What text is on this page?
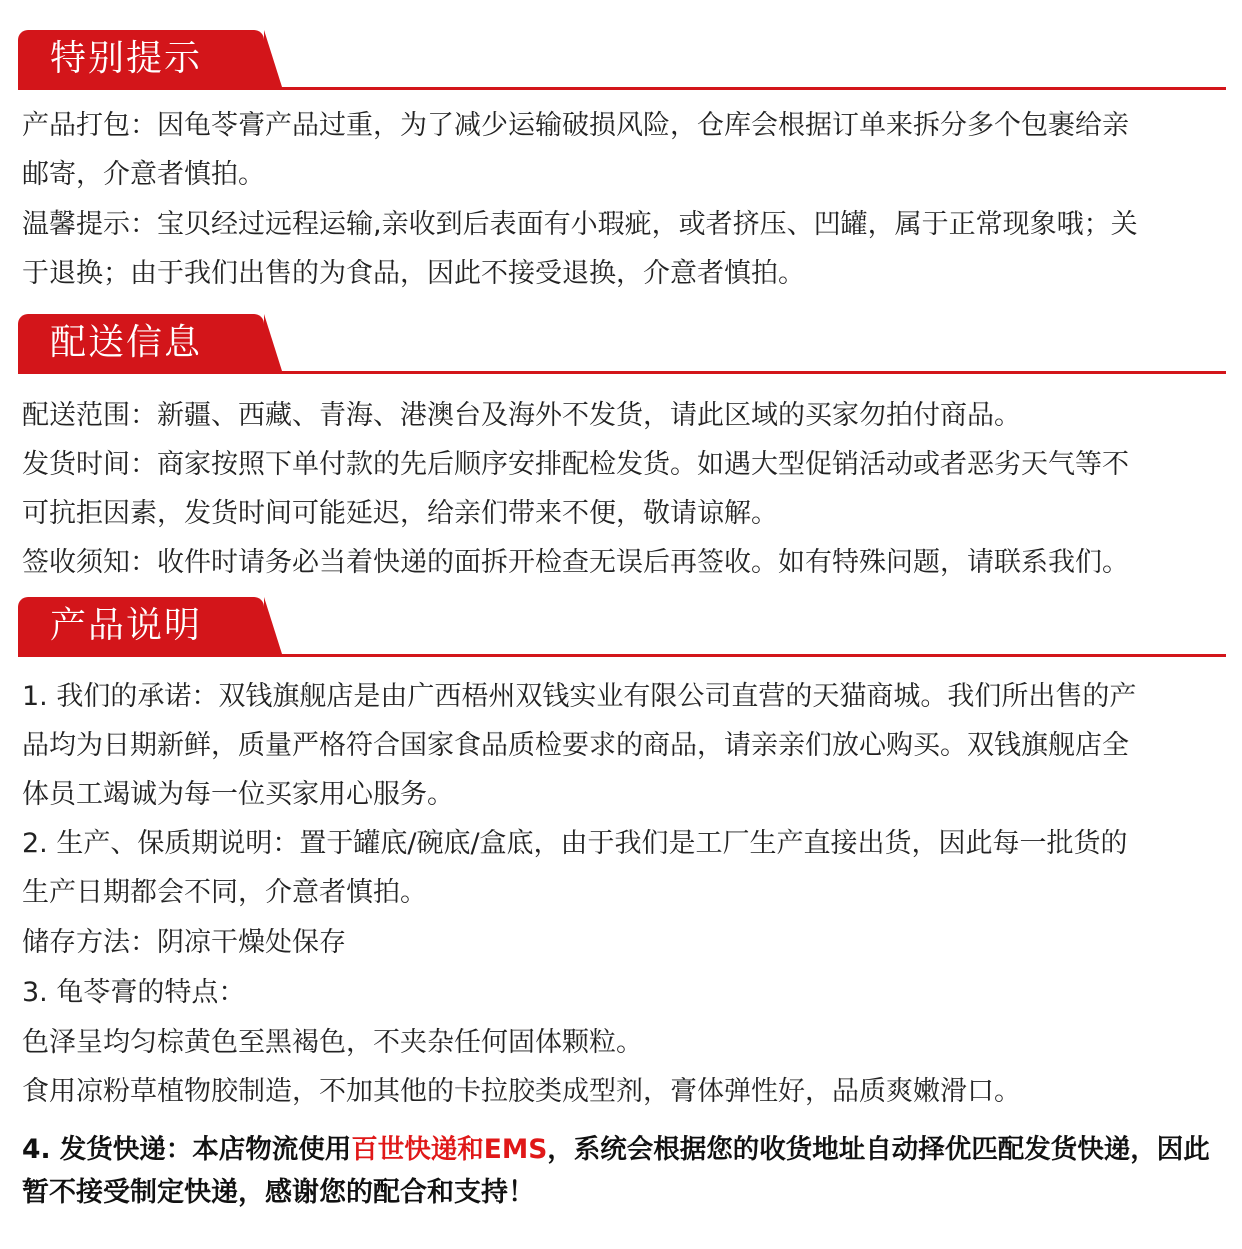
特别提示
产品打包：因龟苓膏产品过重，为了减少运输破损风险，仓库会根据订单来拆分多个包裹给亲
邮寄，介意者慎拍。
温馨提示：宝贝经过远程运输,亲收到后表面有小瑕疵，或者挤压、凹罐，属于正常现象哦；关
于退换；由于我们出售的为食品，因此不接受退换，介意者慎拍。
配送信息
配送范围：新疆、西藏、青海、港澳台及海外不发货，请此区域的买家勿拍付商品。
发货时间：商家按照下单付款的先后顺序安排配检发货。如遇大型促销活动或者恶劣天气等不
可抗拒因素，发货时间可能延迟，给亲们带来不便，敬请谅解。
签收须知：收件时请务必当着快递的面拆开检查无误后再签收。如有特殊问题，请联系我们。
产品说明
1. 我们的承诺：双钱旗舰店是由广西梧州双钱实业有限公司直营的天猫商城。我们所出售的产
品均为日期新鲜，质量严格符合国家食品质检要求的商品，请亲亲们放心购买。双钱旗舰店全
体员工竭诚为每一位买家用心服务。
2. 生产、保质期说明：置于罐底/碗底/盒底，由于我们是工厂生产直接出货，因此每一批货的
生产日期都会不同，介意者慎拍。
储存方法：阴凉干燥处保存
3. 龟苓膏的特点：
色泽呈均匀棕黄色至黑褐色，不夹杂任何固体颗粒。
食用凉粉草植物胶制造，不加其他的卡拉胶类成型剂，膏体弹性好，品质爽嫩滑口。
4. 发货快递：本店物流使用百世快递和EMS，系统会根据您的收货地址自动择优匹配发货快递，因此
暂不接受制定快递，感谢您的配合和支持！
